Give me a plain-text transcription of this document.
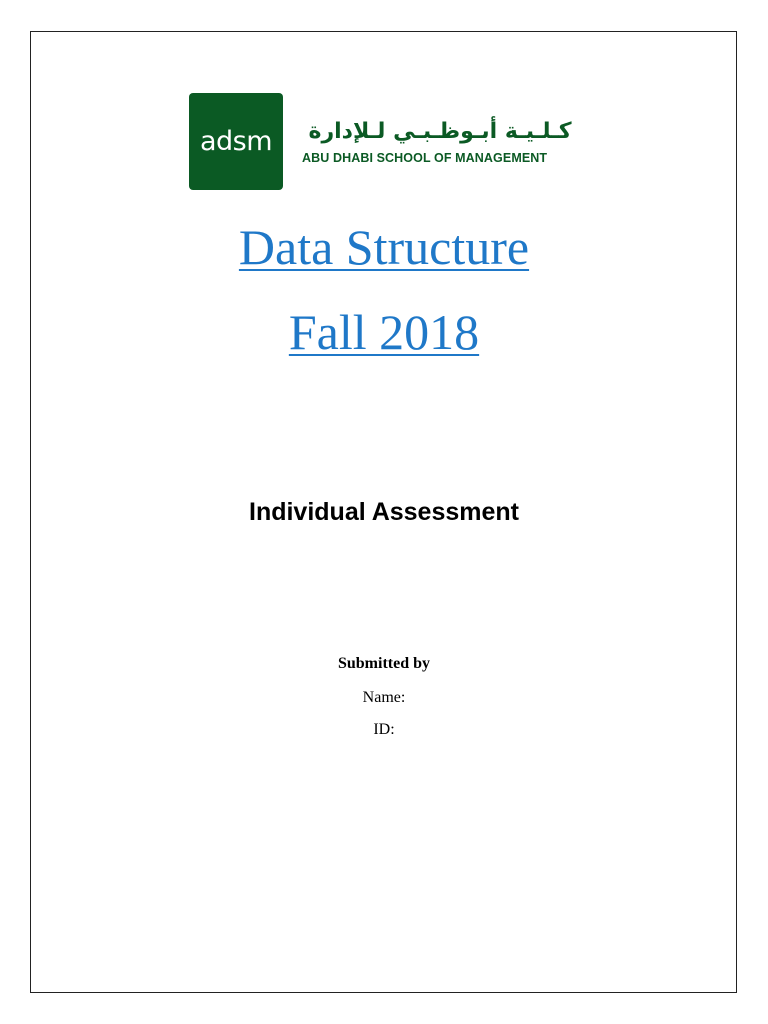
adsm كـلـيـة أبـوظـبـي لـلإدارة
ABU DHABI SCHOOL OF MANAGEMENT
Data Structure
Fall 2018
Individual Assessment
Submitted by
Name:
ID:
